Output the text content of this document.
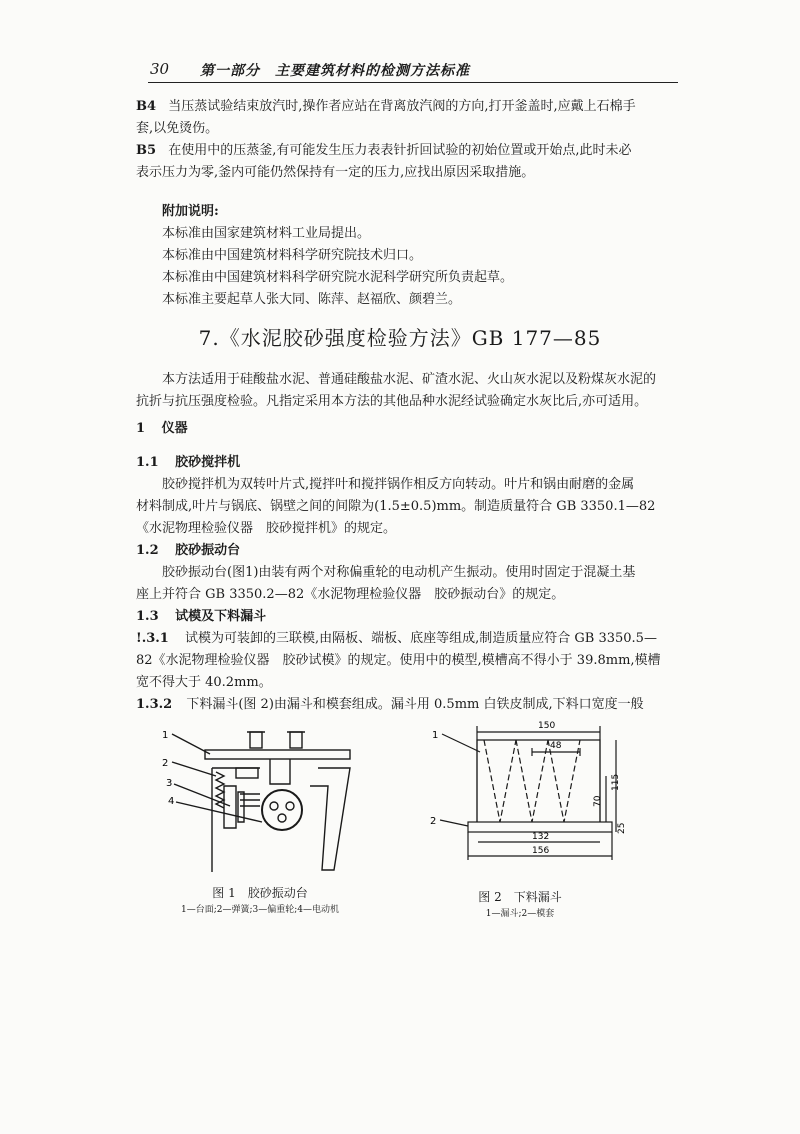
30 第一部分　主要建筑材料的检测方法标准
B4 当压蒸试验结束放汽时,操作者应站在背离放汽阀的方向,打开釜盖时,应戴上石棉手
套,以免烫伤。
B5 在使用中的压蒸釜,有可能发生压力表表针折回试验的初始位置或开始点,此时未必
表示压力为零,釜内可能仍然保持有一定的压力,应找出原因采取措施。
附加说明:
本标准由国家建筑材料工业局提出。
本标准由中国建筑材料科学研究院技术归口。
本标准由中国建筑材料科学研究院水泥科学研究所负责起草。
本标准主要起草人张大同、陈萍、赵福欣、颜碧兰。
7.《水泥胶砂强度检验方法》GB 177—85
本方法适用于硅酸盐水泥、普通硅酸盐水泥、矿渣水泥、火山灰水泥以及粉煤灰水泥的
抗折与抗压强度检验。凡指定采用本方法的其他品种水泥经试验确定水灰比后,亦可适用。
1 仪器
1.1 胶砂搅拌机
胶砂搅拌机为双转叶片式,搅拌叶和搅拌锅作相反方向转动。叶片和锅由耐磨的金属
材料制成,叶片与锅底、锅壁之间的间隙为(1.5±0.5)mm。制造质量符合 GB 3350.1—82
《水泥物理检验仪器　胶砂搅拌机》的规定。
1.2 胶砂振动台
胶砂振动台(图1)由装有两个对称偏重轮的电动机产生振动。使用时固定于混凝土基
座上并符合 GB 3350.2—82《水泥物理检验仪器　胶砂振动台》的规定。
1.3 试模及下料漏斗
!.3.1 试模为可装卸的三联模,由隔板、端板、底座等组成,制造质量应符合 GB 3350.5—
82《水泥物理检验仪器　胶砂试模》的规定。使用中的模型,模槽高不得小于 39.8mm,模槽
宽不得大于 40.2mm。
1.3.2 下料漏斗(图 2)由漏斗和模套组成。漏斗用 0.5mm 白铁皮制成,下料口宽度一般
1
2
3
4
图 1　胶砂振动台
1—台面;2—弹簧;3—偏重轮;4—电动机
150
48
70
115
25
132
156
1
2
图 2　下料漏斗
1—漏斗;2—模套
